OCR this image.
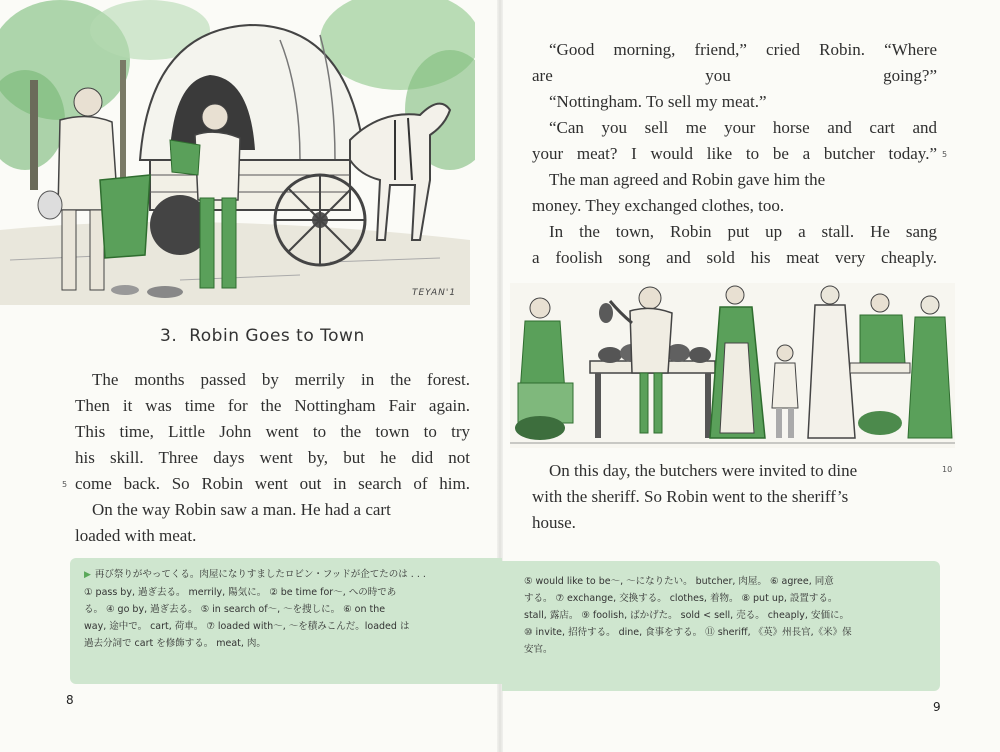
TEYAN'1
3. Robin Goes to Town
The months passed by merrily in the forest.
Then it was time for the Nottingham Fair again.
This time, Little John went to the town to try
his skill. Three days went by, but he did not
come back. So Robin went out in search of him.
5
On the way Robin saw a man. He had a cart
loaded with meat.
▶ 再び祭りがやってくる。肉屋になりすましたロビン・フッドが企てたのは . . .
① pass by, 過ぎ去る。 merrily, 陽気に。 ② be time for～, への時であ
る。 ④ go by, 過ぎ去る。 ⑤ in search of～, ～を捜しに。 ⑥ on the
way, 途中で。 cart, 荷車。 ⑦ loaded with～, ～を積みこんだ。loaded は
過去分詞で cart を修飾する。 meat, 肉。
8
“Good morning, friend,” cried Robin. “Where
are you going?”
“Nottingham. To sell my meat.”
“Can you sell me your horse and cart and
your meat? I would like to be a butcher today.” 5
The man agreed and Robin gave him the
money. They exchanged clothes, too.
In the town, Robin put up a stall. He sang
a foolish song and sold his meat very cheaply.
On this day, the butchers were invited to dine
with the sheriff. So Robin went to the sheriff’s
house.
10
⑤ would like to be～, ～になりたい。 butcher, 肉屋。 ⑥ agree, 同意
する。 ⑦ exchange, 交換する。 clothes, 着物。 ⑧ put up, 設置する。
stall, 露店。 ⑨ foolish, ばかげた。 sold < sell, 売る。 cheaply, 安価に。
⑩ invite, 招待する。 dine, 食事をする。 ⑪ sheriff, 《英》州長官,《米》保
安官。
9
